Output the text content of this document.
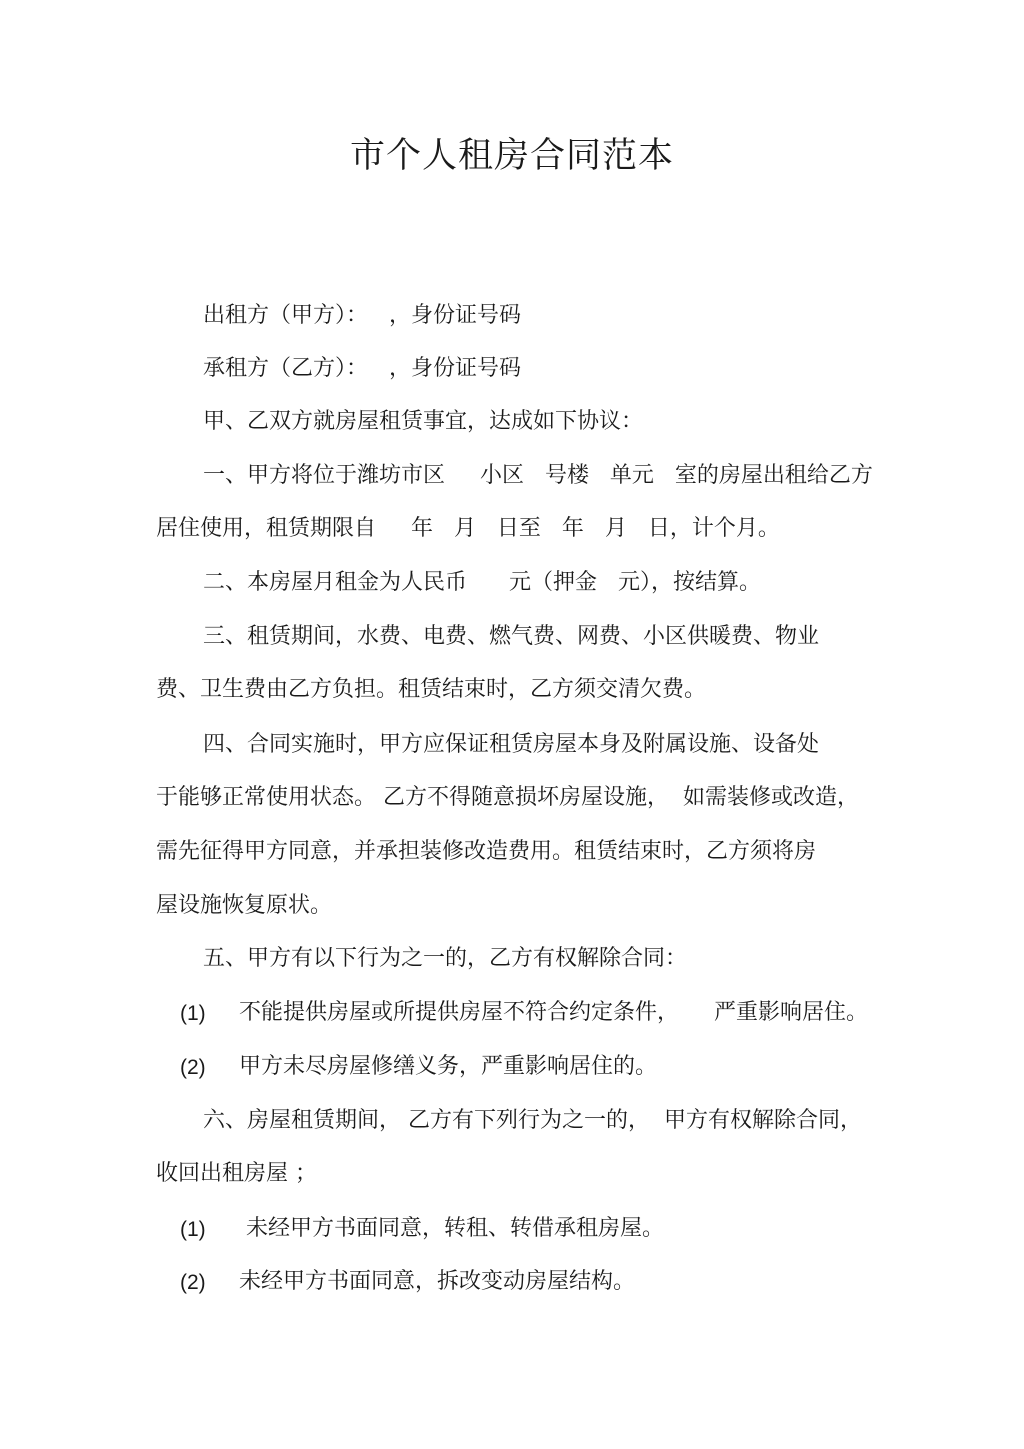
市个人租房合同范本

出租方（甲方）：   ，身份证号码

承租方（乙方）：   ，身份证号码

甲、乙双方就房屋租赁事宜，达成如下协议：

一、甲方将位于潍坊市区     小区   号楼   单元   室的房屋出租给乙方

居住使用，租赁期限自     年   月   日至   年   月   日，计个月。

二、本房屋月租金为人民币      元（押金   元），按结算。

三、租赁期间，水费、电费、燃气费、网费、小区供暖费、物业

费、卫生费由乙方负担。租赁结束时，乙方须交清欠费。

四、合同实施时，甲方应保证租赁房屋本身及附属设施、设备处

于能够正常使用状态。 乙方不得随意损坏房屋设施，  如需装修或改造，

需先征得甲方同意，并承担装修改造费用。租赁结束时，乙方须将房

屋设施恢复原状。

五、甲方有以下行为之一的，乙方有权解除合同：

(1) 不能提供房屋或所提供房屋不符合约定条件，     严重影响居住。
(2) 甲方未尽房屋修缮义务，严重影响居住的。

六、房屋租赁期间， 乙方有下列行为之一的，  甲方有权解除合同，

收回出租房屋 ；

(1) 未经甲方书面同意，转租、转借承租房屋。
(2) 未经甲方书面同意，拆改变动房屋结构。
